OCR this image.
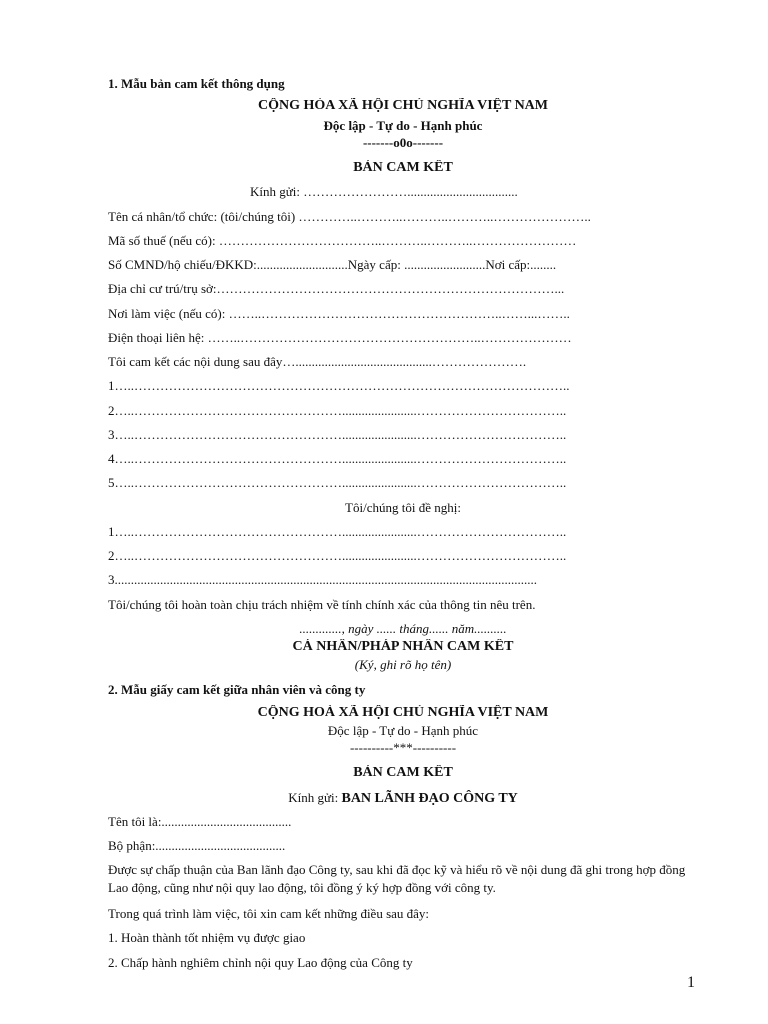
1. Mẫu bản cam kết thông dụng
CỘNG HÒA XÃ HỘI CHỦ NGHĨA VIỆT NAM
Độc lập - Tự do - Hạnh phúc
-------o0o-------
BẢN CAM KẾT
Kính gửi: ……………………..................................
Tên cá nhân/tổ chức: (tôi/chúng tôi) …………..………..………..………..…………………..
Mã số thuế (nếu có): ………………………………..………..………..……………………
Số CMND/hộ chiếu/ĐKKD:............................Ngày cấp: .........................Nơi cấp:........
Địa chỉ cư trú/trụ sở:……………………………………………………………………...
Nơi làm việc (nếu có): ……..………………………………………………..……...……..
Điện thoại liên hệ: ……..………………………………………………..…………………
Tôi cam kết các nội dung sau đây…..........................................………………….
1…..………………………………………………………………………………………..
2…..………………………………………….......................……………………………..
3…..………………………………………….......................……………………………..
4…..………………………………………….......................……………………………..
5…..………………………………………….......................……………………………..
Tôi/chúng tôi đề nghị:
1…..………………………………………….......................……………………………..
2…..………………………………………….......................……………………………..
3..................................................................................................................................
Tôi/chúng tôi hoàn toàn chịu trách nhiệm về tính chính xác của thông tin nêu trên.
............., ngày ...... tháng...... năm..........
CÁ NHÂN/PHÁP NHÂN CAM KẾT
(Ký, ghi rõ họ tên)
2. Mẫu giấy cam kết giữa nhân viên và công ty
CỘNG HOÀ XÃ HỘI CHỦ NGHĨA VIỆT NAM
Độc lập - Tự do - Hạnh phúc
----------***----------
BẢN CAM KẾT
Kính gửi: BAN LÃNH ĐẠO CÔNG TY
Tên tôi là:........................................
Bộ phận:........................................
Được sự chấp thuận của Ban lãnh đạo Công ty, sau khi đã đọc kỹ và hiểu rõ về nội dung đã ghi trong hợp đồng Lao động, cũng như nội quy lao động, tôi đồng ý ký hợp đồng với công ty.
Trong quá trình làm việc, tôi xin cam kết những điều sau đây:
1. Hoàn thành tốt nhiệm vụ được giao
2. Chấp hành nghiêm chỉnh nội quy Lao động của Công ty
1
